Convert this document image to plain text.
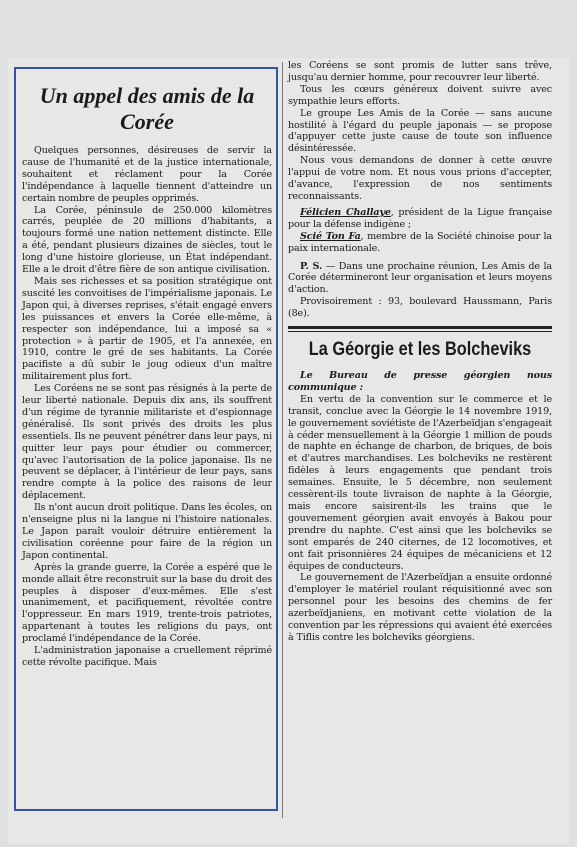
Un appel des amis de la Corée

Quelques personnes, désireuses de servir la cause de l'humanité et de la justice internationale, souhaitent et réclament pour la Corée l'indépendance à laquelle tiennent d'atteindre un certain nombre de peuples opprimés.

La Corée, péninsule de 250.000 kilomètres carrés, peuplée de 20 millions d'habitants, a toujours formé une nation nettement distincte. Elle a été, pendant plusieurs dizaines de siècles, tout le long d'une histoire glorieuse, un État indépendant. Elle a le droit d'être fière de son antique civilisation.

Mais ses richesses et sa position stratégique ont suscité les convoitises de l'impérialisme japonais. Le Japon qui, à diverses reprises, s'était engagé envers les puissances et envers la Corée elle-même, à respecter son indépendance, lui a imposé sa « protection » à partir de 1905, et l'a annexée, en 1910, contre le gré de ses habitants. La Corée pacifiste a dû subir le joug odieux d'un maître militairement plus fort.

Les Coréens ne se sont pas résignés à la perte de leur liberté nationale. Depuis dix ans, ils souffrent d'un régime de tyrannie militariste et d'espionnage généralisé. Ils sont privés des droits les plus essentiels. Ils ne peuvent pénétrer dans leur pays, ni quitter leur pays pour étudier ou commercer, qu'avec l'autorisation de la police japonaise. Ils ne peuvent se déplacer, à l'intérieur de leur pays, sans rendre compte à la police des raisons de leur déplacement.

Ils n'ont aucun droit politique. Dans les écoles, on n'enseigne plus ni la langue ni l'histoire nationales. Le Japon paraît vouloir détruire entièrement la civilisation coréenne pour faire de la région un Japon continental.

Après la grande guerre, la Corée a espéré que le monde allait être reconstruit sur la base du droit des peuples à disposer d'eux-mêmes. Elle s'est unanimement, et pacifiquement, révoltée contre l'oppresseur. En mars 1919, trente-trois patriotes, appartenant à toutes les religions du pays, ont proclamé l'indépendance de la Corée.

L'administration japonaise a cruellement réprimé cette révolte pacifique. Mais

les Coréens se sont promis de lutter sans trêve, jusqu'au dernier homme, pour recouvrer leur liberté.

Tous les cœurs généreux doivent suivre avec sympathie leurs efforts.

Le groupe Les Amis de la Corée — sans aucune hostilité à l'égard du peuple japonais — se propose d'appuyer cette juste cause de toute son influence désintéressée.

Nous vous demandons de donner à cette œuvre l'appui de votre nom. Et nous vous prions d'accepter, d'avance, l'expression de nos sentiments reconnaissants.

Félicien Challaye, président de la Ligue française pour la défense indigène ;

Scié Ton Fa, membre de la Société chinoise pour la paix internationale.

P. S. — Dans une prochaine réunion, Les Amis de la Corée détermineront leur organisation et leurs moyens d'action.

Provisoirement : 93, boulevard Haussmann, Paris (8e).

La Géorgie et les Bolcheviks

Le Bureau de presse géorgien nous communique :

En vertu de la convention sur le commerce et le transit, conclue avec la Géorgie le 14 novembre 1919, le gouvernement soviétiste de l'Azerbeïdjan s'engageait à céder mensuellement à la Géorgie 1 million de pouds de naphte en échange de charbon, de briques, de bois et d'autres marchandises. Les bolcheviks ne restèrent fidèles à leurs engagements que pendant trois semaines. Ensuite, le 5 décembre, non seulement cessèrent-ils toute livraison de naphte à la Géorgie, mais encore saisirent-ils les trains que le gouvernement géorgien avait envoyés à Bakou pour prendre du naphte. C'est ainsi que les bolcheviks se sont emparés de 240 citernes, de 12 locomotives, et ont fait prisonnières 24 équipes de mécaniciens et 12 équipes de conducteurs.

Le gouvernement de l'Azerbeïdjan a ensuite ordonné d'employer le matériel roulant réquisitionné avec son personnel pour les besoins des chemins de fer azerbeïdjaniens, en motivant cette violation de la convention par les répressions qui avaient été exercées à Tiflis contre les bolcheviks géorgiens.
